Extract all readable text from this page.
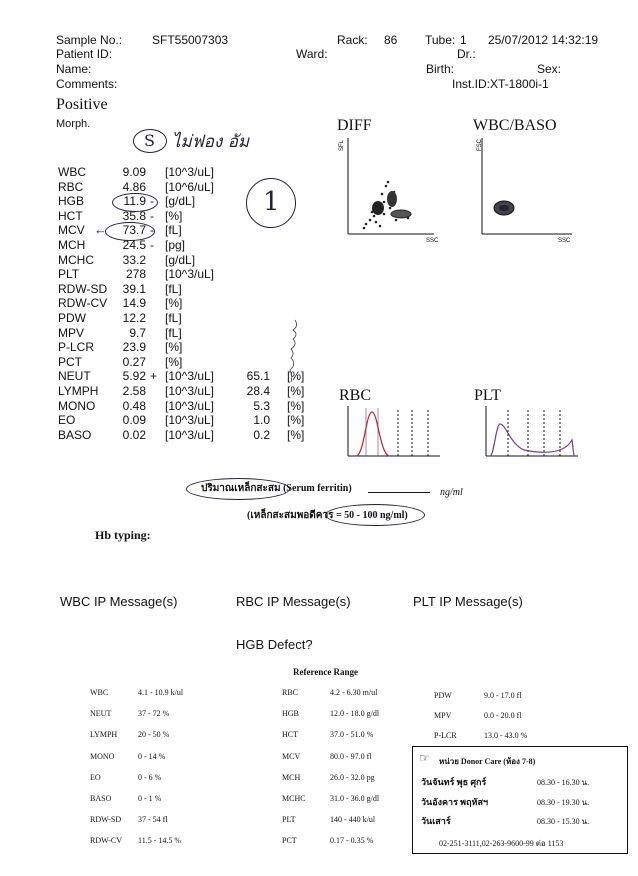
Sample No.: SFT55007303	Rack: 86 Tube: 1 25/07/2012 14:32:19
Patient ID:	Ward:	Dr.:
Name:	Birth:	Sex:
Comments:	Inst.ID:XT-1800i-1
Positive
Morph.
S ไม่ฟอง อัม
1
WBC	9.09 [10^3/uL]
RBC	4.86 [10^6/uL]
HGB	11.9 - [g/dL]
HCT	35.8 - [%]
MCV	73.7 - [fL]
MCH	24.5 - [pg]
MCHC	33.2 [g/dL]
PLT	278 [10^3/uL]
RDW-SD	39.1 [fL]
RDW-CV	14.9 [%]
PDW	12.2 [fL]
MPV	9.7 [fL]
P-LCR	23.9 [%]
PCT	0.27 [%]
NEUT	5.92 + [10^3/uL]	65.1 [%]
LYMPH	2.58 [10^3/uL]	28.4 [%]
MONO	0.48 [10^3/uL]	5.3 [%]
EO	0.09 [10^3/uL]	1.0 [%]
BASO	0.02 [10^3/uL]	0.2 [%]
←
DIFF	WBC/BASO
SFL
SSC
FSC
SSC
RBC	PLT
ปริมาณเหล็กสะสม (Serum ferritin)	ng/ml
(เหล็กสะสมพอดีควร = 50 - 100 ng/ml)
Hb typing:
WBC IP Message(s)	RBC IP Message(s)	PLT IP Message(s)
HGB Defect?
Reference Range
WBC	4.1 - 10.9 k/ul
NEUT	37 - 72 %
LYMPH	20 - 50 %
MONO	0 - 14 %
EO	0 - 6 %
BASO	0 - 1 %
RDW-SD 37 - 54 fl
RDW-CV 11.5 - 14.5 %
RBC	4.2 - 6.30 m/ul
HGB	12.0 - 18.0 g/dl
HCT	37.0 - 51.0 %
MCV	80.0 - 97.0 fl
MCH	26.0 - 32.0 pg
MCHC	31.0 - 36.0 g/dl
PLT	140 - 440 k/ul
PCT	0.17 - 0.35 %
PDW	9.0 - 17.0 fl
MPV	0.0 - 20.0 fl
P-LCR	13.0 - 43.0 %
☞ หน่วย Donor Care (ห้อง 7-8)
วันจันทร์ พุธ ศุกร์	08.30 - 16.30 น.
วันอังคาร พฤหัสฯ	08.30 - 19.30 น.
วันเสาร์	08.30 - 15.30 น.
02-251-3111,02-263-9600-99 ต่อ 1153
